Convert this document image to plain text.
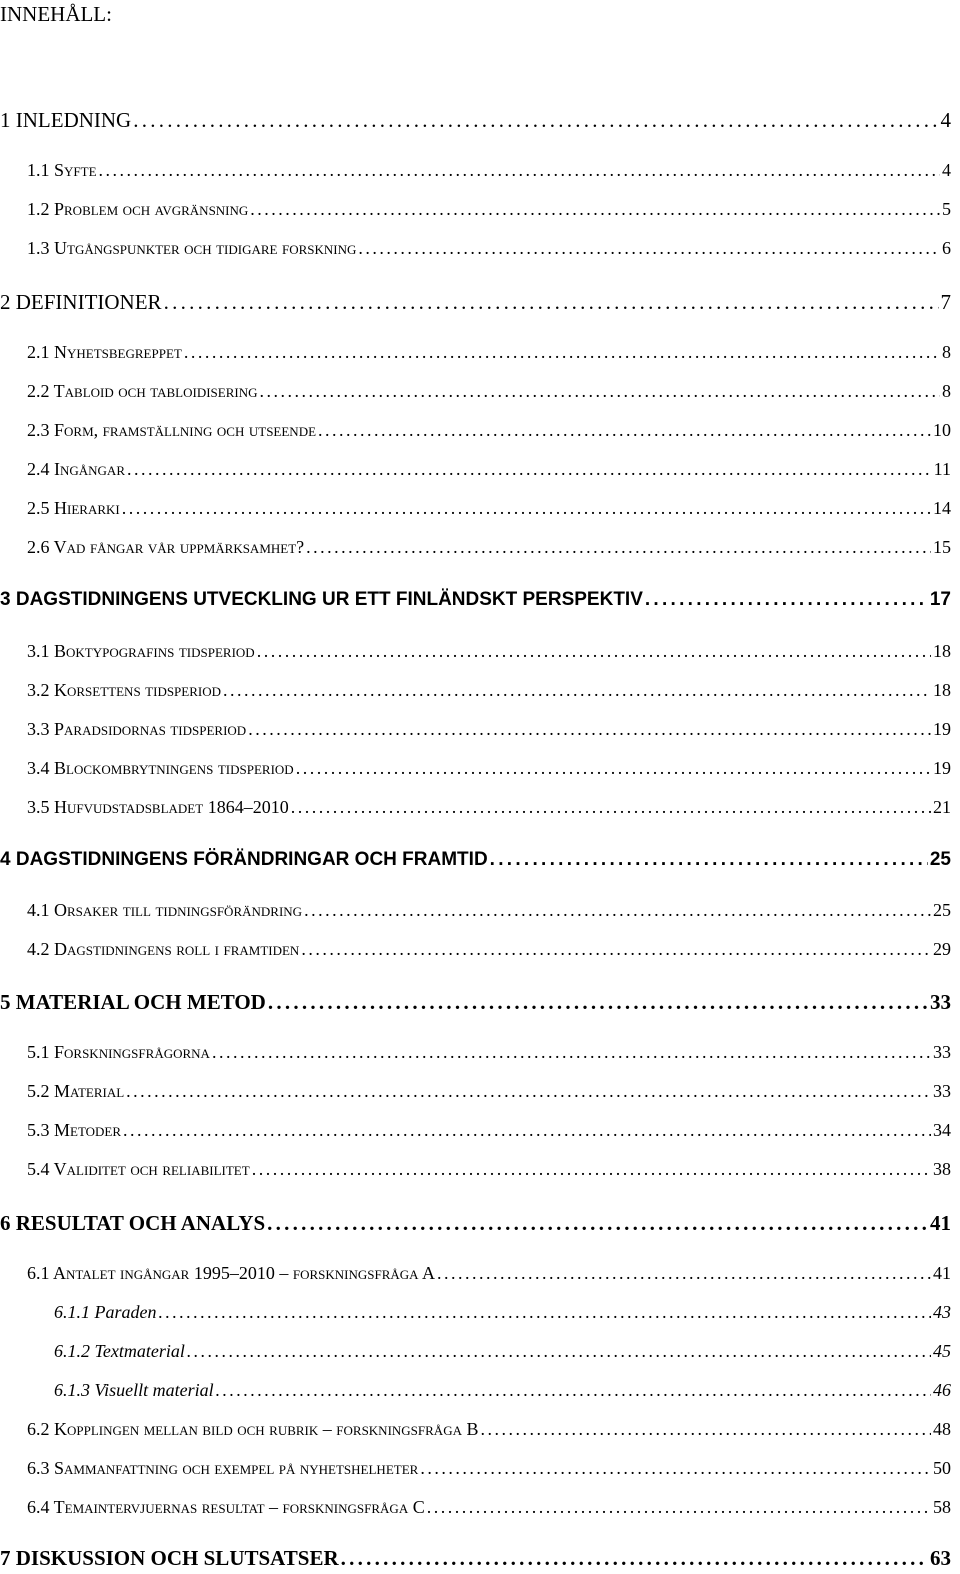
INNEHÅLL:
1 INLEDNING . . .	4
1.1 Syfte . . .	4
1.2 Problem och avgränsning . . .	5
1.3 Utgångspunkter och tidigare forskning . . .	6
2 DEFINITIONER . . .	7
2.1 Nyhetsbegreppet . . .	8
2.2 Tabloid och tabloidisering . . .	8
2.3 Form, framställning och utseende . . .	10
2.4 Ingångar . . .	11
2.5 Hierarki . . .	14
2.6 Vad fångar vår uppmärksamhet? . . .	15
3 DAGSTIDNINGENS UTVECKLING UR ETT FINLÄNDSKT PERSPEKTIV . . .	17
3.1 Boktypografins tidsperiod . . .	18
3.2 Korsettens tidsperiod . . .	18
3.3 Paradsidornas tidsperiod . . .	19
3.4 Blockombrytningens tidsperiod . . .	19
3.5 Hufvudstadsbladet 1864–2010 . . .	21
4 DAGSTIDNINGENS FÖRÄNDRINGAR OCH FRAMTID . . .	25
4.1 Orsaker till tidningsförändring . . .	25
4.2 Dagstidningens roll i framtiden . . .	29
5 MATERIAL OCH METOD . . .	33
5.1 Forskningsfrågorna . . .	33
5.2 Material . . .	33
5.3 Metoder . . .	34
5.4 Validitet och reliabilitet . . .	38
6 RESULTAT OCH ANALYS . . .	41
6.1 Antalet ingångar 1995–2010 – forskningsfråga A . . .	41
6.1.1 Paraden . . .	43
6.1.2 Textmaterial . . .	45
6.1.3 Visuellt material . . .	46
6.2 Kopplingen mellan bild och rubrik – forskningsfråga B . . .	48
6.3 Sammanfattning och exempel på nyhetshelheter . . .	50
6.4 Temaintervjuernas resultat – forskningsfråga C . . .	58
7 DISKUSSION OCH SLUTSATSER . . .	63
